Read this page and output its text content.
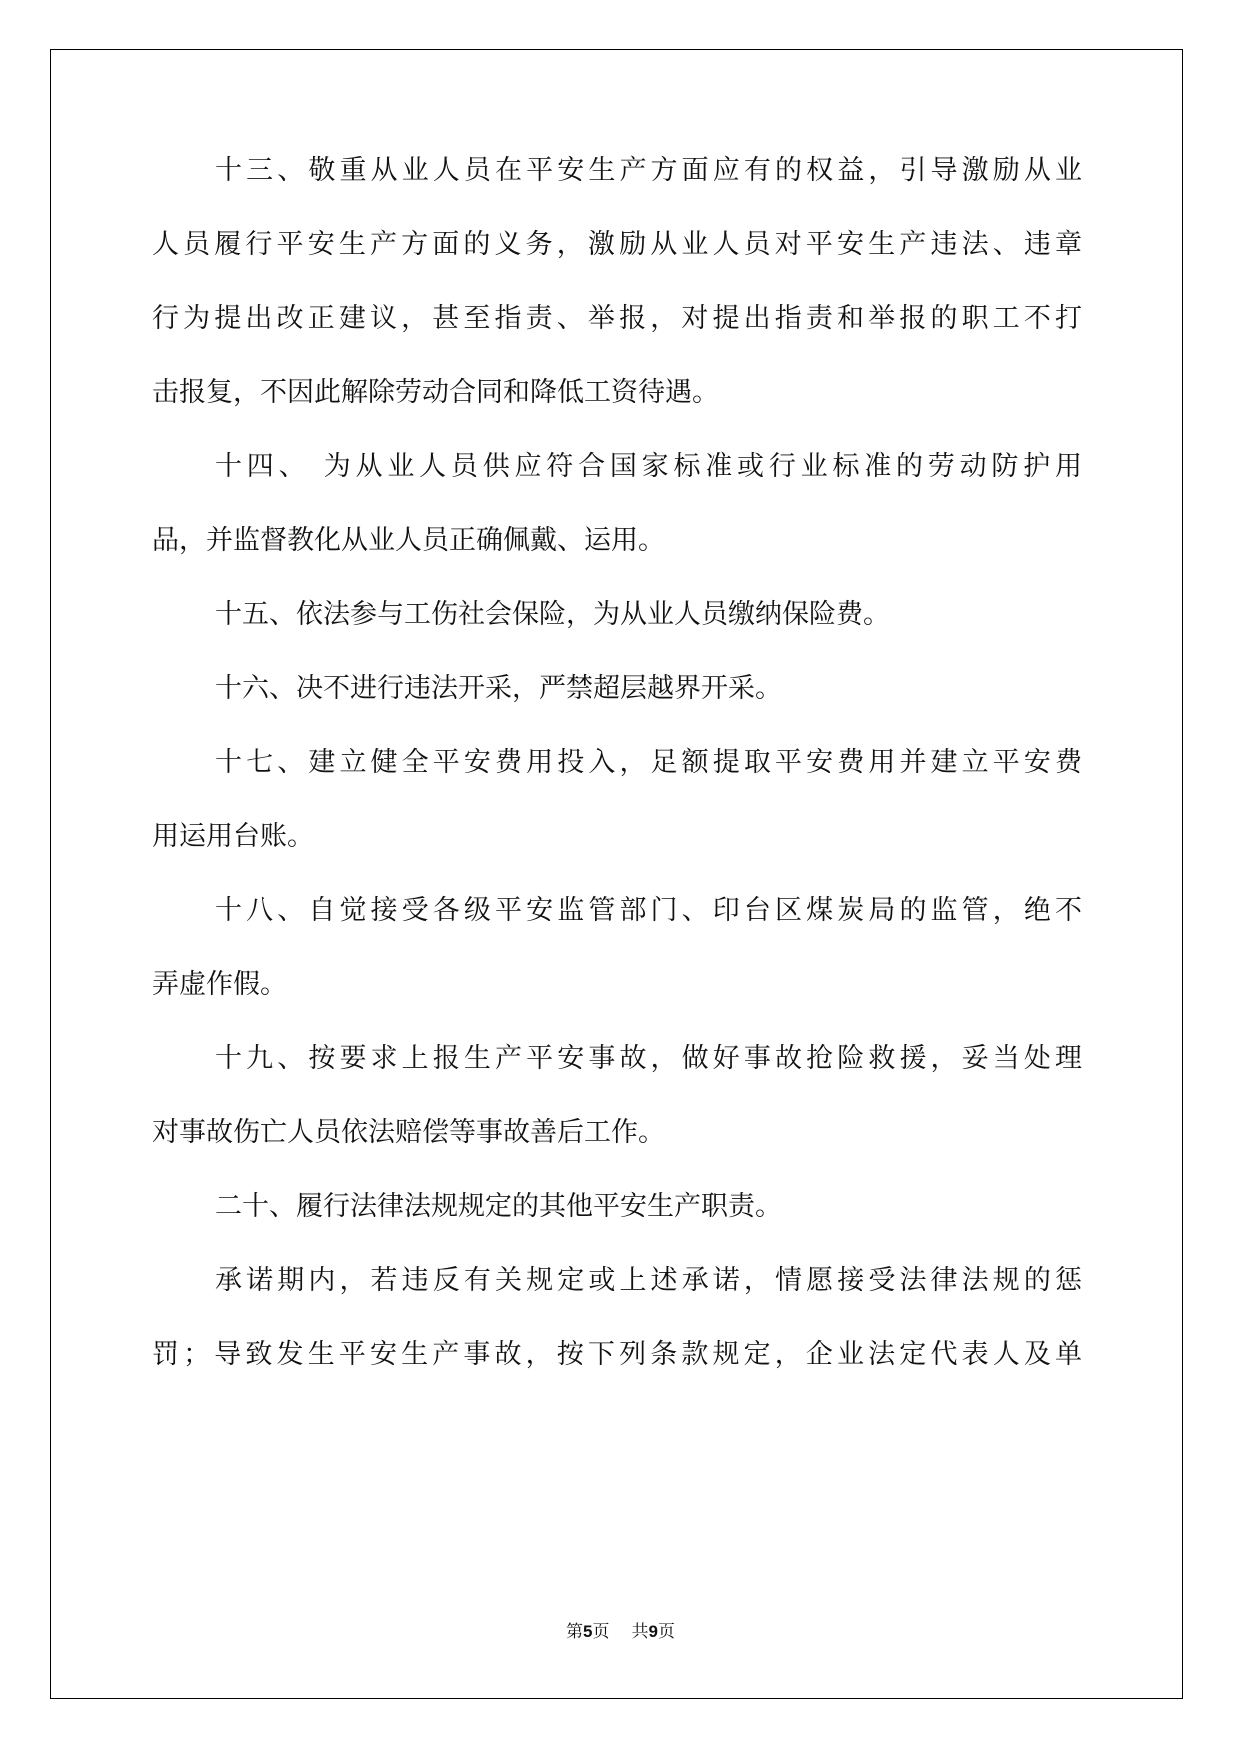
十三、敬重从业人员在平安生产方面应有的权益，引导激励从业
人员履行平安生产方面的义务，激励从业人员对平安生产违法、违章
行为提出改正建议，甚至指责、举报，对提出指责和举报的职工不打
击报复，不因此解除劳动合同和降低工资待遇。
十四、 为从业人员供应符合国家标准或行业标准的劳动防护用
品，并监督教化从业人员正确佩戴、运用。
十五、依法参与工伤社会保险，为从业人员缴纳保险费。
十六、决不进行违法开采，严禁超层越界开采。
十七、建立健全平安费用投入，足额提取平安费用并建立平安费
用运用台账。
十八、自觉接受各级平安监管部门、印台区煤炭局的监管，绝不
弄虚作假。
十九、按要求上报生产平安事故，做好事故抢险救援，妥当处理
对事故伤亡人员依法赔偿等事故善后工作。
二十、履行法律法规规定的其他平安生产职责。
承诺期内，若违反有关规定或上述承诺，情愿接受法律法规的惩
罚；导致发生平安生产事故，按下列条款规定，企业法定代表人及单
第5页 共9页
